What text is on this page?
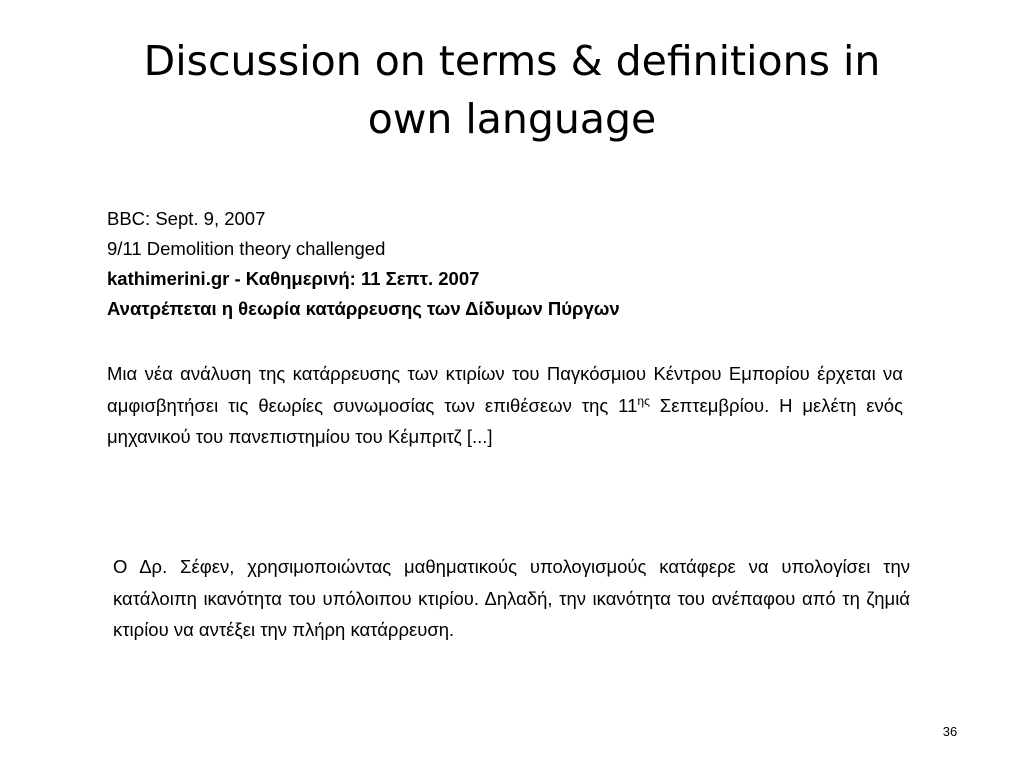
Discussion on terms & definitions in
own language
BBC: Sept. 9, 2007
9/11 Demolition theory challenged
kathimerini.gr - Καθημερινή: 11 Σεπτ. 2007
Ανατρέπεται η θεωρία κατάρρευσης των Δίδυμων Πύργων

Μια νέα ανάλυση της κατάρρευσης των κτιρίων του Παγκόσμιου Κέντρου Εμπορίου έρχεται να αμφισβητήσει τις θεωρίες συνωμοσίας των επιθέσεων της $11^{\eta\varsigma}$ Σεπτεμβρίου. Η μελέτη ενός μηχανικού του πανεπιστημίου του Κέμπριτζ [...]

Ο Δρ. Σέφεν, χρησιμοποιώντας μαθηματικούς υπολογισμούς κατάφερε να υπολογίσει την κατάλοιπη ικανότητα του υπόλοιπου κτιρίου. Δηλαδή, την ικανότητα του ανέπαφου από τη ζημιά κτιρίου να αντέξει την πλήρη κατάρρευση.

36
